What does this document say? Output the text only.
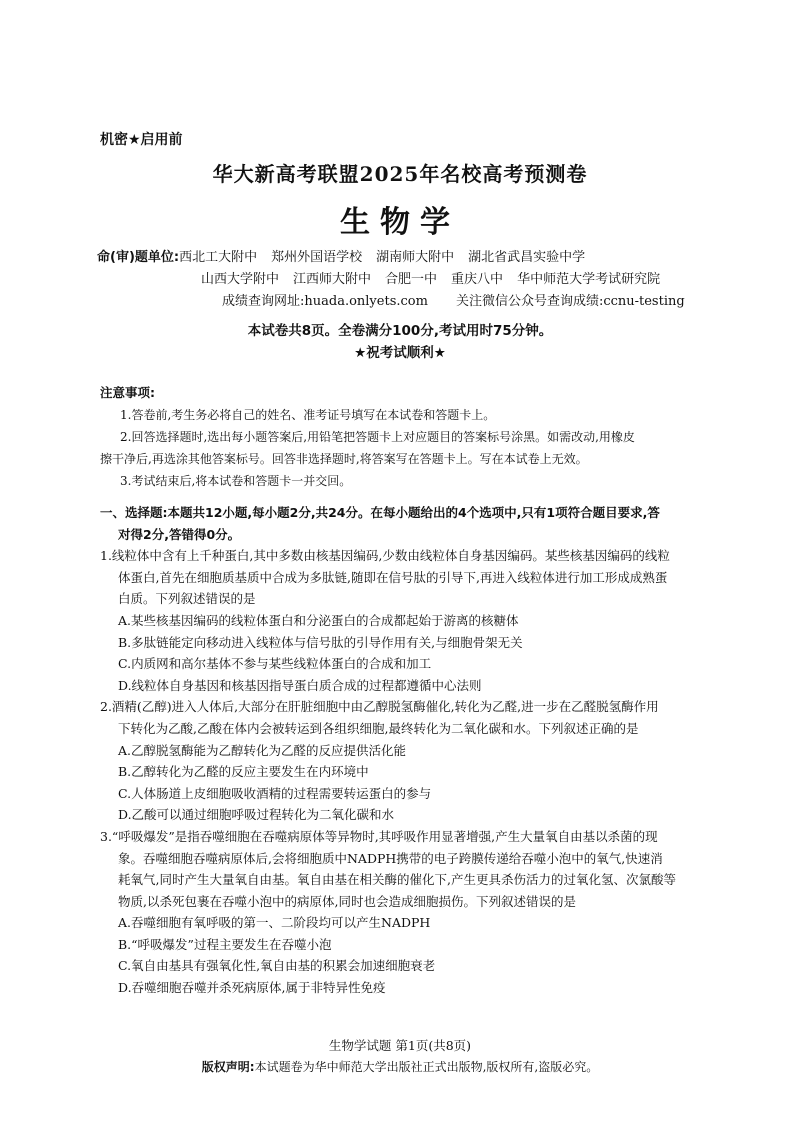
机密★启用前
华大新高考联盟2025年名校高考预测卷
生物学
命(审)题单位:西北工大附中 郑州外国语学校 湖南师大附中 湖北省武昌实验中学
山西大学附中 江西师大附中 合肥一中 重庆八中 华中师范大学考试研究院
成绩查询网址:huada.onlyets.com 关注微信公众号查询成绩:ccnu-testing
本试卷共8页。全卷满分100分,考试用时75分钟。
★祝考试顺利★
注意事项:
1.答卷前,考生务必将自己的姓名、准考证号填写在本试卷和答题卡上。
2.回答选择题时,选出每小题答案后,用铅笔把答题卡上对应题目的答案标号涂黑。如需改动,用橡皮
擦干净后,再选涂其他答案标号。回答非选择题时,将答案写在答题卡上。写在本试卷上无效。
3.考试结束后,将本试卷和答题卡一并交回。
一、选择题:本题共12小题,每小题2分,共24分。在每小题给出的4个选项中,只有1项符合题目要求,答
对得2分,答错得0分。
1.线粒体中含有上千种蛋白,其中多数由核基因编码,少数由线粒体自身基因编码。某些核基因编码的线粒
体蛋白,首先在细胞质基质中合成为多肽链,随即在信号肽的引导下,再进入线粒体进行加工形成成熟蛋
白质。下列叙述错误的是
A.某些核基因编码的线粒体蛋白和分泌蛋白的合成都起始于游离的核糖体
B.多肽链能定向移动进入线粒体与信号肽的引导作用有关,与细胞骨架无关
C.内质网和高尔基体不参与某些线粒体蛋白的合成和加工
D.线粒体自身基因和核基因指导蛋白质合成的过程都遵循中心法则
2.酒精(乙醇)进入人体后,大部分在肝脏细胞中由乙醇脱氢酶催化,转化为乙醛,进一步在乙醛脱氢酶作用
下转化为乙酸,乙酸在体内会被转运到各组织细胞,最终转化为二氧化碳和水。下列叙述正确的是
A.乙醇脱氢酶能为乙醇转化为乙醛的反应提供活化能
B.乙醇转化为乙醛的反应主要发生在内环境中
C.人体肠道上皮细胞吸收酒精的过程需要转运蛋白的参与
D.乙酸可以通过细胞呼吸过程转化为二氧化碳和水
3.“呼吸爆发”是指吞噬细胞在吞噬病原体等异物时,其呼吸作用显著增强,产生大量氧自由基以杀菌的现
象。吞噬细胞吞噬病原体后,会将细胞质中NADPH携带的电子跨膜传递给吞噬小泡中的氧气,快速消
耗氧气,同时产生大量氧自由基。氧自由基在相关酶的催化下,产生更具杀伤活力的过氧化氢、次氯酸等
物质,以杀死包裹在吞噬小泡中的病原体,同时也会造成细胞损伤。下列叙述错误的是
A.吞噬细胞有氧呼吸的第一、二阶段均可以产生NADPH
B.“呼吸爆发”过程主要发生在吞噬小泡
C.氧自由基具有强氧化性,氧自由基的积累会加速细胞衰老
D.吞噬细胞吞噬并杀死病原体,属于非特异性免疫
生物学试题 第1页(共8页)
版权声明:本试题卷为华中师范大学出版社正式出版物,版权所有,盗版必究。
